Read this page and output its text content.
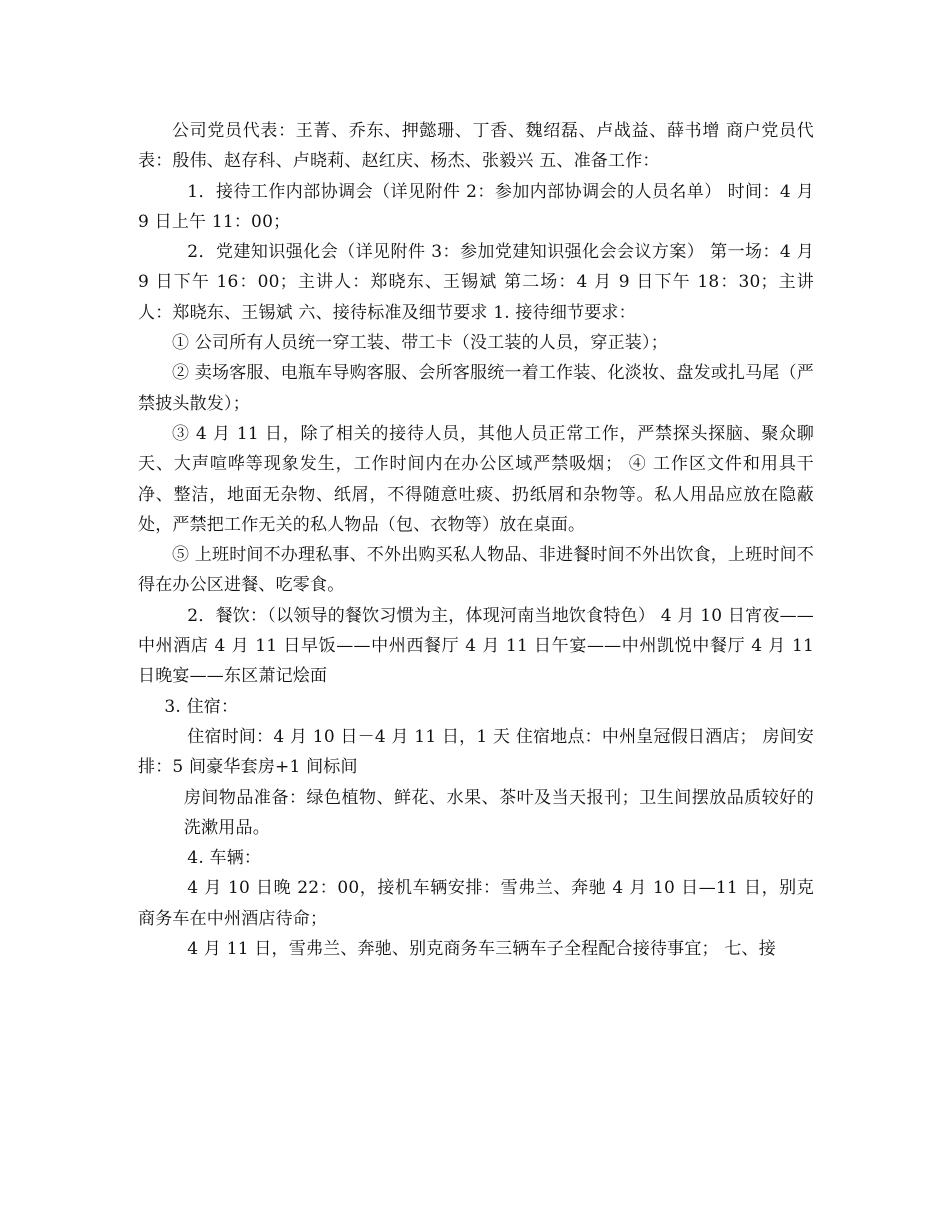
公司党员代表：王菁、乔东、押懿珊、丁香、魏绍磊、卢战益、薛书增 商户党员代表：殷伟、赵存科、卢晓莉、赵红庆、杨杰、张毅兴 五、准备工作：

1．接待工作内部协调会（详见附件 2：参加内部协调会的人员名单） 时间：4 月 9 日上午 11：00；

2．党建知识强化会（详见附件 3：参加党建知识强化会会议方案） 第一场：4 月 9 日下午 16：00；主讲人：郑晓东、王锡斌 第二场：4 月 9 日下午 18：30；主讲人：郑晓东、王锡斌 六、接待标准及细节要求 1. 接待细节要求：

① 公司所有人员统一穿工装、带工卡（没工装的人员，穿正装）；

② 卖场客服、电瓶车导购客服、会所客服统一着工作装、化淡妆、盘发或扎马尾（严禁披头散发）；

③ 4 月 11 日，除了相关的接待人员，其他人员正常工作，严禁探头探脑、聚众聊天、大声喧哗等现象发生，工作时间内在办公区域严禁吸烟； ④ 工作区文件和用具干净、整洁，地面无杂物、纸屑，不得随意吐痰、扔纸屑和杂物等。私人用品应放在隐蔽处，严禁把工作无关的私人物品（包、衣物等）放在桌面。

⑤ 上班时间不办理私事、不外出购买私人物品、非进餐时间不外出饮食，上班时间不得在办公区进餐、吃零食。

2．餐饮：（以领导的餐饮习惯为主，体现河南当地饮食特色） 4 月 10 日宵夜——中州酒店 4 月 11 日早饭——中州西餐厅 4 月 11 日午宴——中州凯悦中餐厅 4 月 11 日晚宴——东区萧记烩面

3. 住宿：

住宿时间：4 月 10 日－4 月 11 日，1 天 住宿地点：中州皇冠假日酒店； 房间安排：5 间豪华套房+1 间标间

房间物品准备：绿色植物、鲜花、水果、茶叶及当天报刊；卫生间摆放品质较好的洗漱用品。

4. 车辆：

4 月 10 日晚 22：00，接机车辆安排：雪弗兰、奔驰 4 月 10 日—11 日，别克商务车在中州酒店待命；

4 月 11 日，雪弗兰、奔驰、别克商务车三辆车子全程配合接待事宜； 七、接
